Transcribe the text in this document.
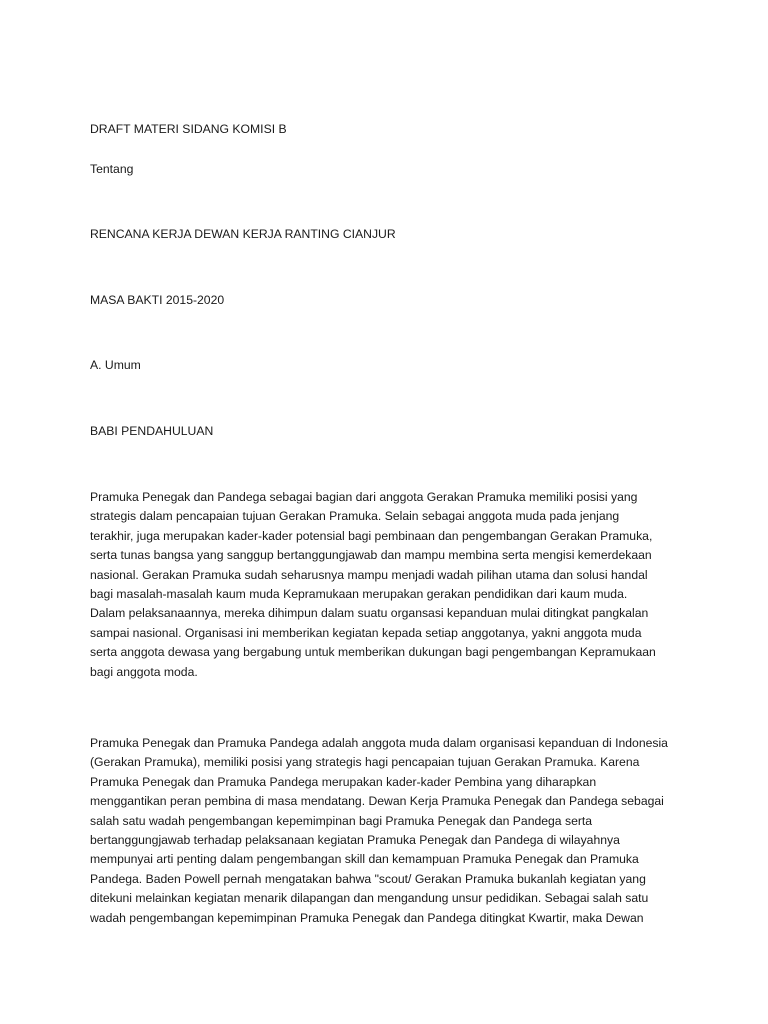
DRAFT MATERI SIDANG KOMISI B

Tentang

RENCANA KERJA DEWAN KERJA RANTING CIANJUR

MASA BAKTI 2015-2020

A. Umum

BABI PENDAHULUAN

Pramuka Penegak dan Pandega sebagai bagian dari anggota Gerakan Pramuka memiliki posisi yang
strategis dalam pencapaian tujuan Gerakan Pramuka. Selain sebagai anggota muda pada jenjang
terakhir, juga merupakan kader-kader potensial bagi pembinaan dan pengembangan Gerakan Pramuka,
serta tunas bangsa yang sanggup bertanggungjawab dan mampu membina serta mengisi kemerdekaan
nasional. Gerakan Pramuka sudah seharusnya mampu menjadi wadah pilihan utama dan solusi handal
bagi masalah-masalah kaum muda Kepramukaan merupakan gerakan pendidikan dari kaum muda.
Dalam pelaksanaannya, mereka dihimpun dalam suatu organsasi kepanduan mulai ditingkat pangkalan
sampai nasional. Organisasi ini memberikan kegiatan kepada setiap anggotanya, yakni anggota muda
serta anggota dewasa yang bergabung untuk memberikan dukungan bagi pengembangan Kepramukaan
bagi anggota moda.
Pramuka Penegak dan Pramuka Pandega adalah anggota muda dalam organisasi kepanduan di Indonesia
(Gerakan Pramuka), memiliki posisi yang strategis hagi pencapaian tujuan Gerakan Pramuka. Karena
Pramuka Penegak dan Pramuka Pandega merupakan kader-kader Pembina yang diharapkan
menggantikan peran pembina di masa mendatang. Dewan Kerja Pramuka Penegak dan Pandega sebagai
salah satu wadah pengembangan kepemimpinan bagi Pramuka Penegak dan Pandega serta
bertanggungjawab terhadap pelaksanaan kegiatan Pramuka Penegak dan Pandega di wilayahnya
mempunyai arti penting dalam pengembangan skill dan kemampuan Pramuka Penegak dan Pramuka
Pandega. Baden Powell pernah mengatakan bahwa "scout/ Gerakan Pramuka bukanlah kegiatan yang
ditekuni melainkan kegiatan menarik dilapangan dan mengandung unsur pedidikan. Sebagai salah satu
wadah pengembangan kepemimpinan Pramuka Penegak dan Pandega ditingkat Kwartir, maka Dewan
